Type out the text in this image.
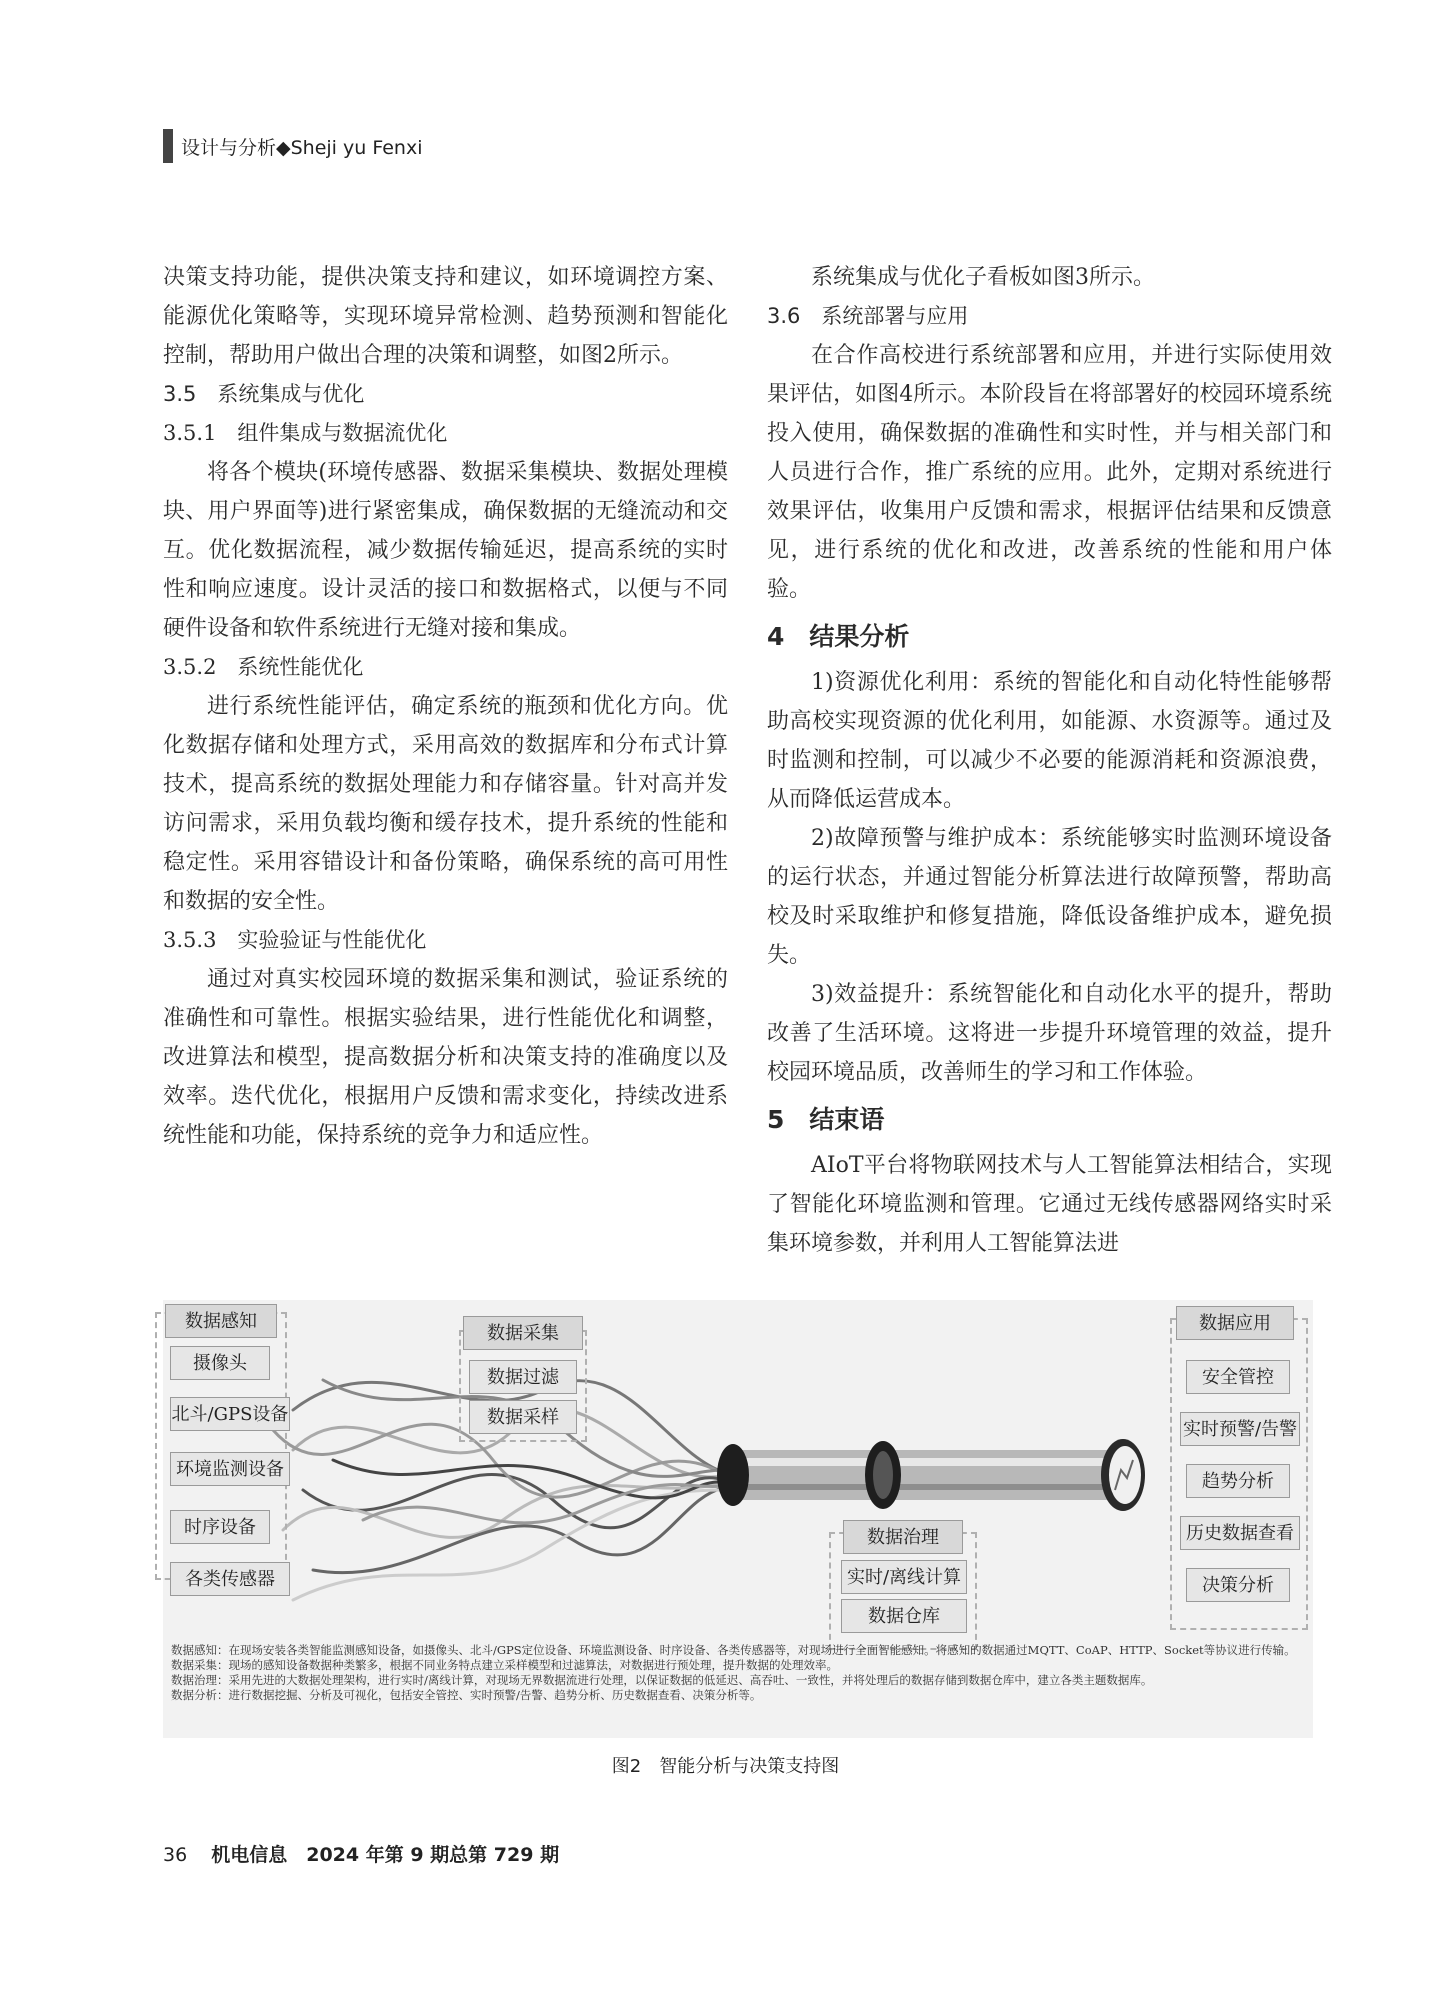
设计与分析◆Sheji yu Fenxi

决策支持功能，提供决策支持和建议，如环境调控方案、能源优化策略等，实现环境异常检测、趋势预测和智能化控制，帮助用户做出合理的决策和调整，如图2所示。

3.5　系统集成与优化
3.5.1　组件集成与数据流优化

将各个模块(环境传感器、数据采集模块、数据处理模块、用户界面等)进行紧密集成，确保数据的无缝流动和交互。优化数据流程，减少数据传输延迟，提高系统的实时性和响应速度。设计灵活的接口和数据格式，以便与不同硬件设备和软件系统进行无缝对接和集成。

3.5.2　系统性能优化

进行系统性能评估，确定系统的瓶颈和优化方向。优化数据存储和处理方式，采用高效的数据库和分布式计算技术，提高系统的数据处理能力和存储容量。针对高并发访问需求，采用负载均衡和缓存技术，提升系统的性能和稳定性。采用容错设计和备份策略，确保系统的高可用性和数据的安全性。

3.5.3　实验验证与性能优化

通过对真实校园环境的数据采集和测试，验证系统的准确性和可靠性。根据实验结果，进行性能优化和调整，改进算法和模型，提高数据分析和决策支持的准确度以及效率。迭代优化，根据用户反馈和需求变化，持续改进系统性能和功能，保持系统的竞争力和适应性。

系统集成与优化子看板如图3所示。

3.6　系统部署与应用

在合作高校进行系统部署和应用，并进行实际使用效果评估，如图4所示。本阶段旨在将部署好的校园环境系统投入使用，确保数据的准确性和实时性，并与相关部门和人员进行合作，推广系统的应用。此外，定期对系统进行效果评估，收集用户反馈和需求，根据评估结果和反馈意见，进行系统的优化和改进，改善系统的性能和用户体验。

4　结果分析

1)资源优化利用：系统的智能化和自动化特性能够帮助高校实现资源的优化利用，如能源、水资源等。通过及时监测和控制，可以减少不必要的能源消耗和资源浪费，从而降低运营成本。

2)故障预警与维护成本：系统能够实时监测环境设备的运行状态，并通过智能分析算法进行故障预警，帮助高校及时采取维护和修复措施，降低设备维护成本，避免损失。

3)效益提升：系统智能化和自动化水平的提升，帮助改善了生活环境。这将进一步提升环境管理的效益，提升校园环境品质，改善师生的学习和工作体验。

5　结束语

AIoT平台将物联网技术与人工智能算法相结合，实现了智能化环境监测和管理。它通过无线传感器网络实时采集环境参数，并利用人工智能算法进

数据感知
摄像头
北斗/GPS设备
环境监测设备
时序设备
各类传感器
数据采集
数据过滤
数据采样
数据治理
实时/离线计算
数据仓库
数据应用
安全管控
实时预警/告警
趋势分析
历史数据查看
决策分析
数据感知：在现场安装各类智能监测感知设备，如摄像头、北斗/GPS定位设备、环境监测设备、时序设备、各类传感器等，对现场进行全面智能感知。将感知的数据通过MQTT、CoAP、HTTP、Socket等协议进行传输。
数据采集：现场的感知设备数据种类繁多，根据不同业务特点建立采样模型和过滤算法，对数据进行预处理，提升数据的处理效率。
数据治理：采用先进的大数据处理架构，进行实时/离线计算，对现场无界数据流进行处理，以保证数据的低延迟、高吞吐、一致性，并将处理后的数据存储到数据仓库中，建立各类主题数据库。
数据分析：进行数据挖掘、分析及可视化，包括安全管控、实时预警/告警、趋势分析、历史数据查看、决策分析等。
图2　智能分析与决策支持图
36 机电信息　2024 年第 9 期总第 729 期
